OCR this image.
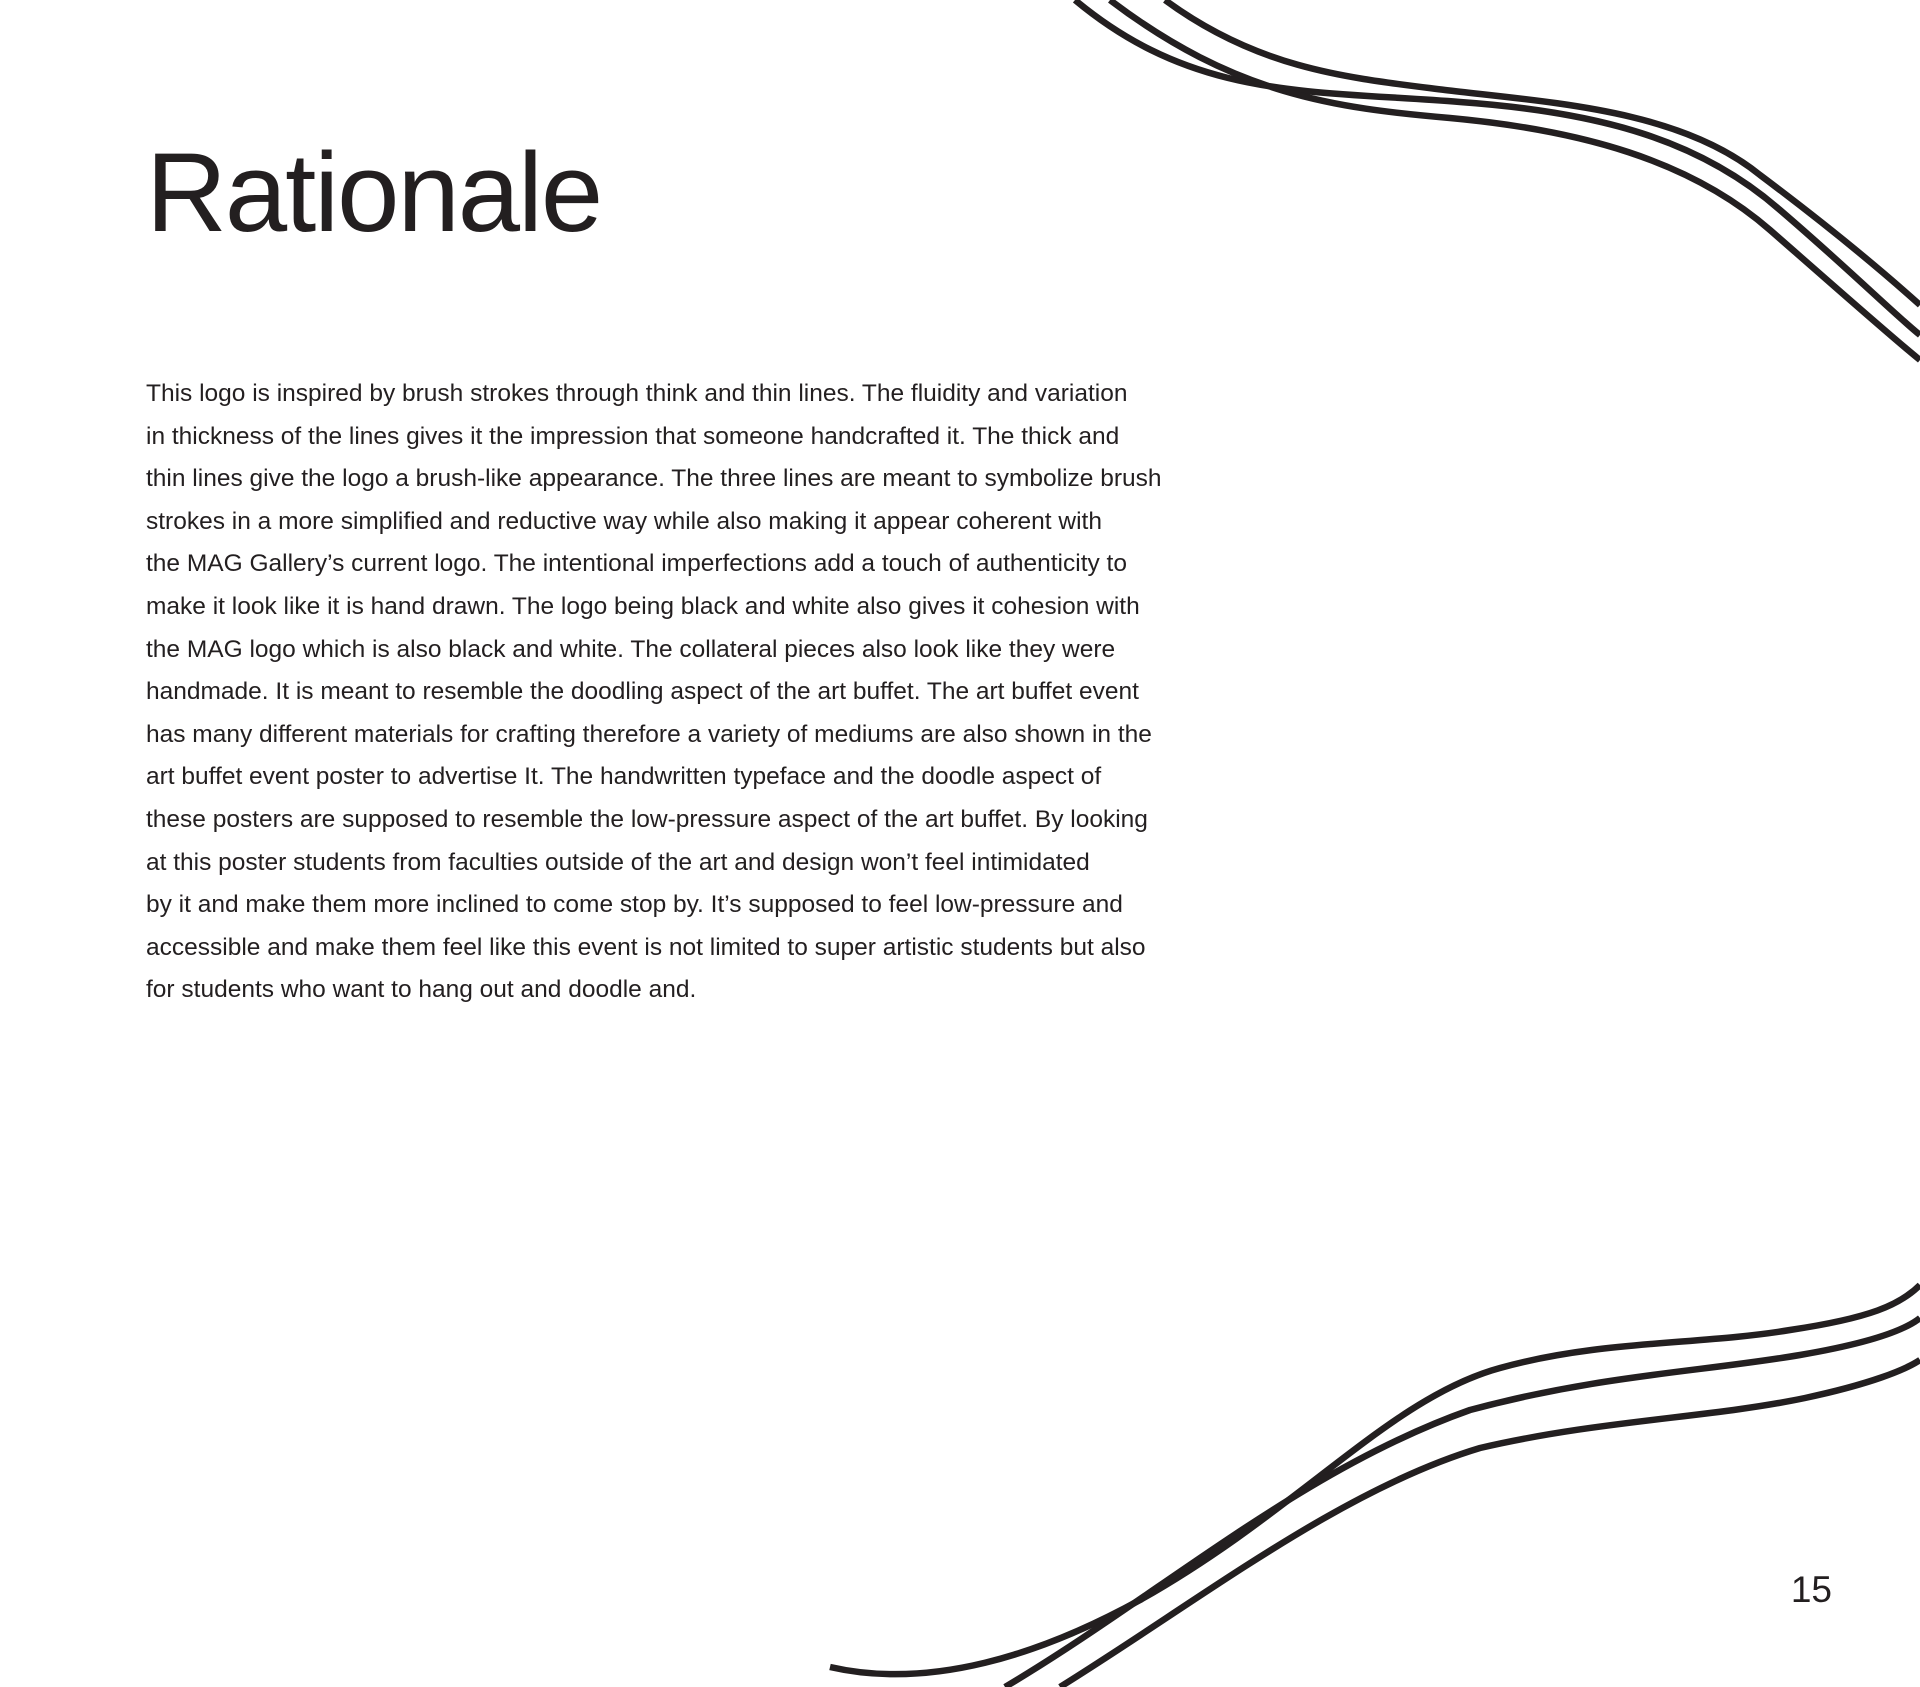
Rationale

This logo is inspired by brush strokes through think and thin lines. The fluidity and variation
in thickness of the lines gives it the impression that someone handcrafted it. The thick and
thin lines give the logo a brush-like appearance. The three lines are meant to symbolize brush
strokes in a more simplified and reductive way while also making it appear coherent with
the MAG Gallery’s current logo. The intentional imperfections add a touch of authenticity to
make it look like it is hand drawn. The logo being black and white also gives it cohesion with
the MAG logo which is also black and white. The collateral pieces also look like they were
handmade. It is meant to resemble the doodling aspect of the art buffet. The art buffet event
has many different materials for crafting therefore a variety of mediums are also shown in the
art buffet event poster to advertise It. The handwritten typeface and the doodle aspect of
these posters are supposed to resemble the low-pressure aspect of the art buffet. By looking
at this poster students from faculties outside of the art and design won’t feel intimidated
by it and make them more inclined to come stop by. It’s supposed to feel low-pressure and
accessible and make them feel like this event is not limited to super artistic students but also
for students who want to hang out and doodle and.

15
